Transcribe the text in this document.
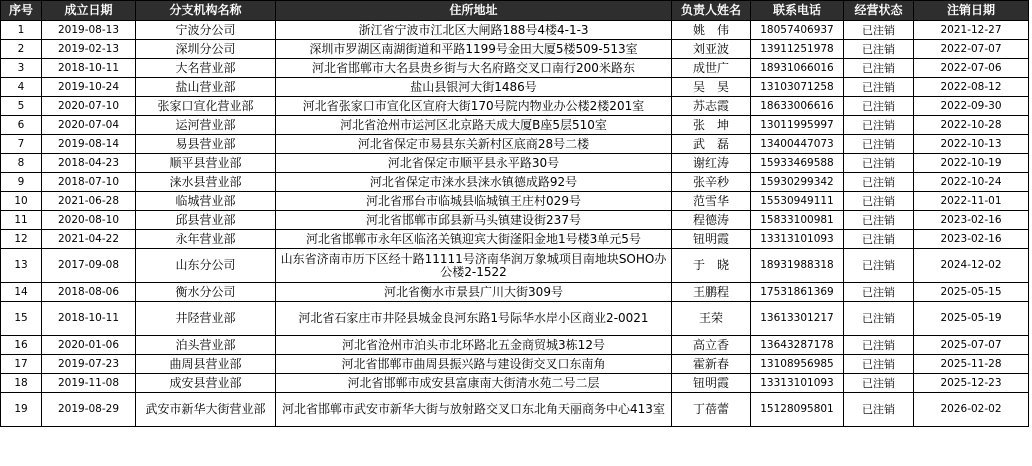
序号	成立日期	分支机构名称	住所地址	负责人姓名	联系电话	经营状态	注销日期
1	2019-08-13	宁波分公司	浙江省宁波市江北区大闸路188号4楼4-1-3	姚　伟	18057406937	已注销	2021-12-27
2	2019-02-13	深圳分公司	深圳市罗湖区南湖街道和平路1199号金田大厦5楼509-513室	刘亚波	13911251978	已注销	2022-07-07
3	2018-10-11	大名营业部	河北省邯郸市大名县贵乡街与大名府路交叉口南行200米路东	成世广	18931066016	已注销	2022-07-06
4	2019-10-24	盐山营业部	盐山县银河大街1486号	吴　昊	13103071258	已注销	2022-08-12
5	2020-07-10	张家口宣化营业部	河北省张家口市宣化区宣府大街170号院内物业办公楼2楼201室	苏志霞	18633006616	已注销	2022-09-30
6	2020-07-04	运河营业部	河北省沧州市运河区北京路天成大厦B座5层510室	张　坤	13011995997	已注销	2022-10-28
7	2019-08-14	易县营业部	河北省保定市易县东关新村区底商28号二楼	武　磊	13400447073	已注销	2022-10-13
8	2018-04-23	顺平县营业部	河北省保定市顺平县永平路30号	谢红涛	15933469588	已注销	2022-10-19
9	2018-07-10	涞水县营业部	河北省保定市涞水县涞水镇德成路92号	张辛秒	15930299342	已注销	2022-10-24
10	2021-06-28	临城营业部	河北省邢台市临城县临城镇王庄村029号	范雪华	15530949111	已注销	2022-11-01
11	2020-08-10	邱县营业部	河北省邯郸市邱县新马头镇建设街237号	程德涛	15833100981	已注销	2023-02-16
12	2021-04-22	永年营业部	河北省邯郸市永年区临洺关镇迎宾大街滏阳金地1号楼3单元5号	钮明霞	13313101093	已注销	2023-02-16
13	2017-09-08	山东分公司	山东省济南市历下区经十路11111号济南华润万象城项目南地块SOHO办公楼2-1522	于　晓	18931988318	已注销	2024-12-02
14	2018-08-06	衡水分公司	河北省衡水市景县广川大街309号	王鹏程	17531861369	已注销	2025-05-15
15	2018-10-11	井陉营业部	河北省石家庄市井陉县城金良河东路1号际华水岸小区商业2-0021	王荣	13613301217	已注销	2025-05-19
16	2020-01-06	泊头营业部	河北省沧州市泊头市北环路北五金商贸城3栋12号	高立香	13643287178	已注销	2025-07-07
17	2019-07-23	曲周县营业部	河北省邯郸市曲周县振兴路与建设街交叉口东南角	霍新春	13108956985	已注销	2025-11-28
18	2019-11-08	成安县营业部	河北省邯郸市成安县富康南大街清水苑二号二层	钮明霞	13313101093	已注销	2025-12-23
19	2019-08-29	武安市新华大街营业部	河北省邯郸市武安市新华大街与放射路交叉口东北角天丽商务中心413室	丁蓓蕾	15128095801	已注销	2026-02-02
